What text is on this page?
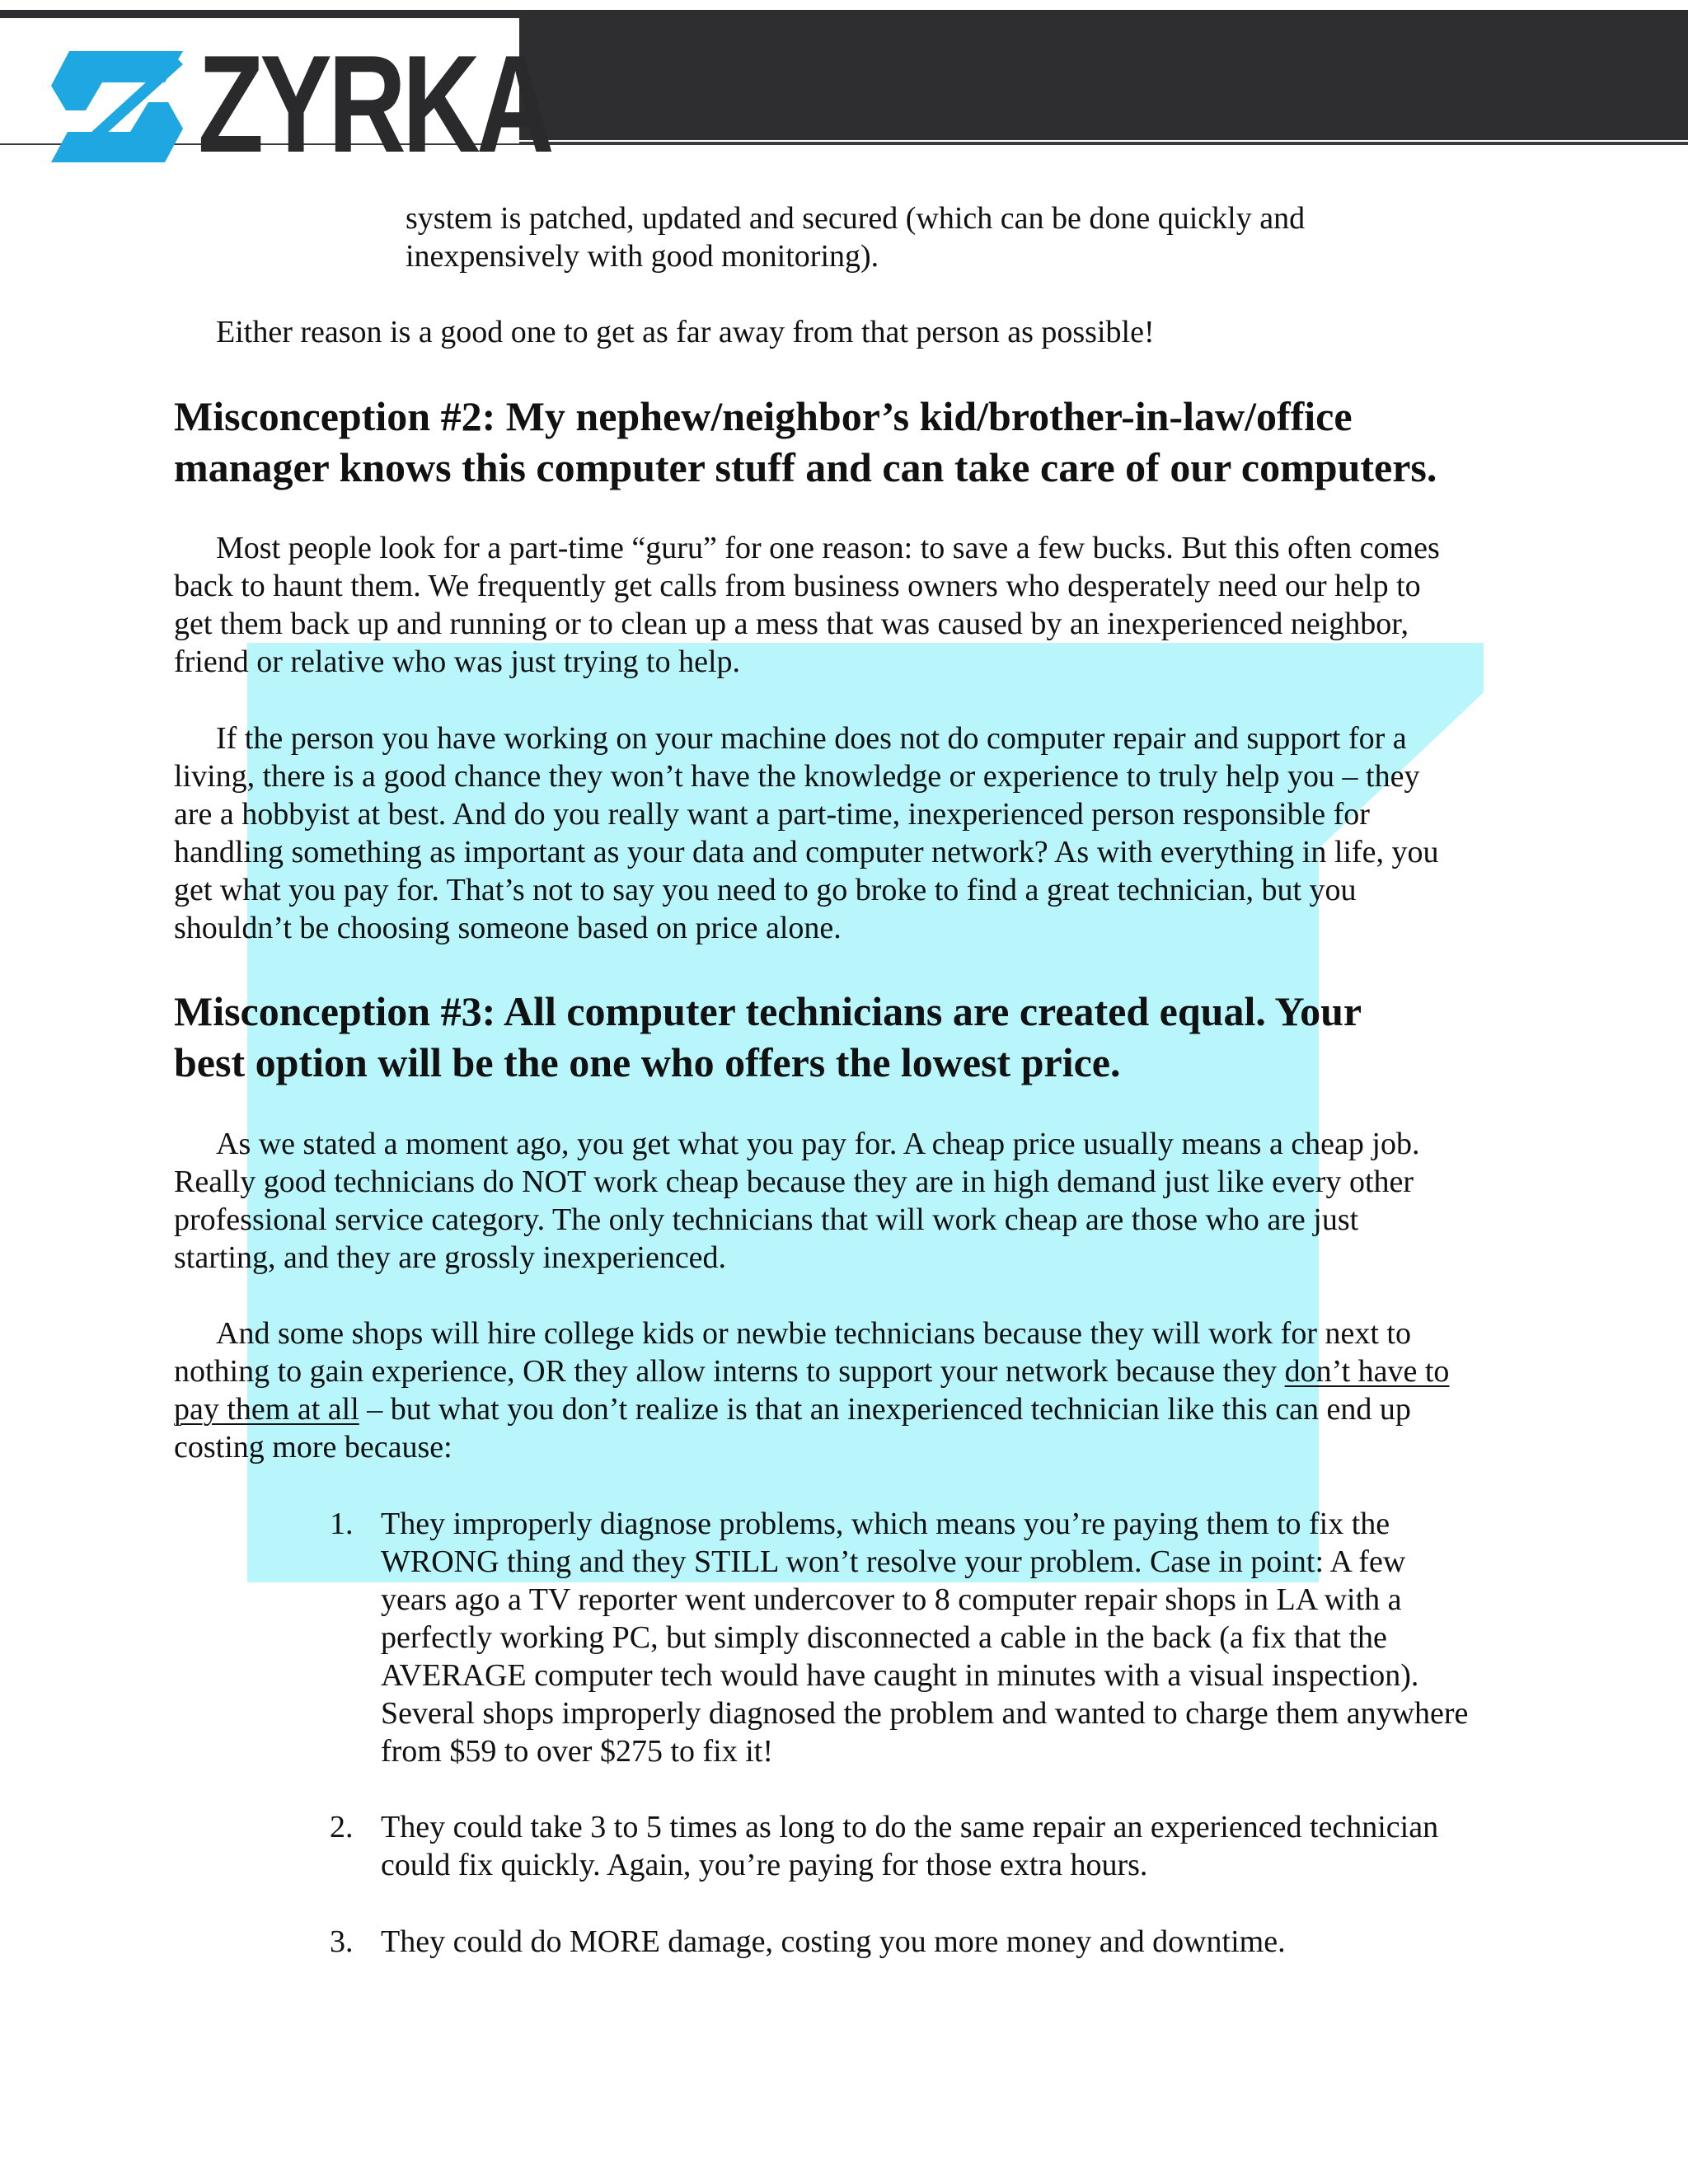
ZYRKA
system is patched, updated and secured (which can be done quickly and
inexpensively with good monitoring).
Either reason is a good one to get as far away from that person as possible!
Misconception #2: My nephew/neighbor’s kid/brother-in-law/office
manager knows this computer stuff and can take care of our computers.
Most people look for a part-time “guru” for one reason: to save a few bucks. But this often comes
back to haunt them. We frequently get calls from business owners who desperately need our help to
get them back up and running or to clean up a mess that was caused by an inexperienced neighbor,
friend or relative who was just trying to help.
If the person you have working on your machine does not do computer repair and support for a
living, there is a good chance they won’t have the knowledge or experience to truly help you – they
are a hobbyist at best. And do you really want a part-time, inexperienced person responsible for
handling something as important as your data and computer network? As with everything in life, you
get what you pay for. That’s not to say you need to go broke to find a great technician, but you
shouldn’t be choosing someone based on price alone.
Misconception #3: All computer technicians are created equal. Your
best option will be the one who offers the lowest price.
As we stated a moment ago, you get what you pay for. A cheap price usually means a cheap job.
Really good technicians do NOT work cheap because they are in high demand just like every other
professional service category. The only technicians that will work cheap are those who are just
starting, and they are grossly inexperienced.
And some shops will hire college kids or newbie technicians because they will work for next to
nothing to gain experience, OR they allow interns to support your network because they don’t have to
pay them at all – but what you don’t realize is that an inexperienced technician like this can end up
costing more because:
1. They improperly diagnose problems, which means you’re paying them to fix the
WRONG thing and they STILL won’t resolve your problem. Case in point: A few
years ago a TV reporter went undercover to 8 computer repair shops in LA with a
perfectly working PC, but simply disconnected a cable in the back (a fix that the
AVERAGE computer tech would have caught in minutes with a visual inspection).
Several shops improperly diagnosed the problem and wanted to charge them anywhere
from $59 to over $275 to fix it!
2. They could take 3 to 5 times as long to do the same repair an experienced technician
could fix quickly. Again, you’re paying for those extra hours.
3. They could do MORE damage, costing you more money and downtime.
